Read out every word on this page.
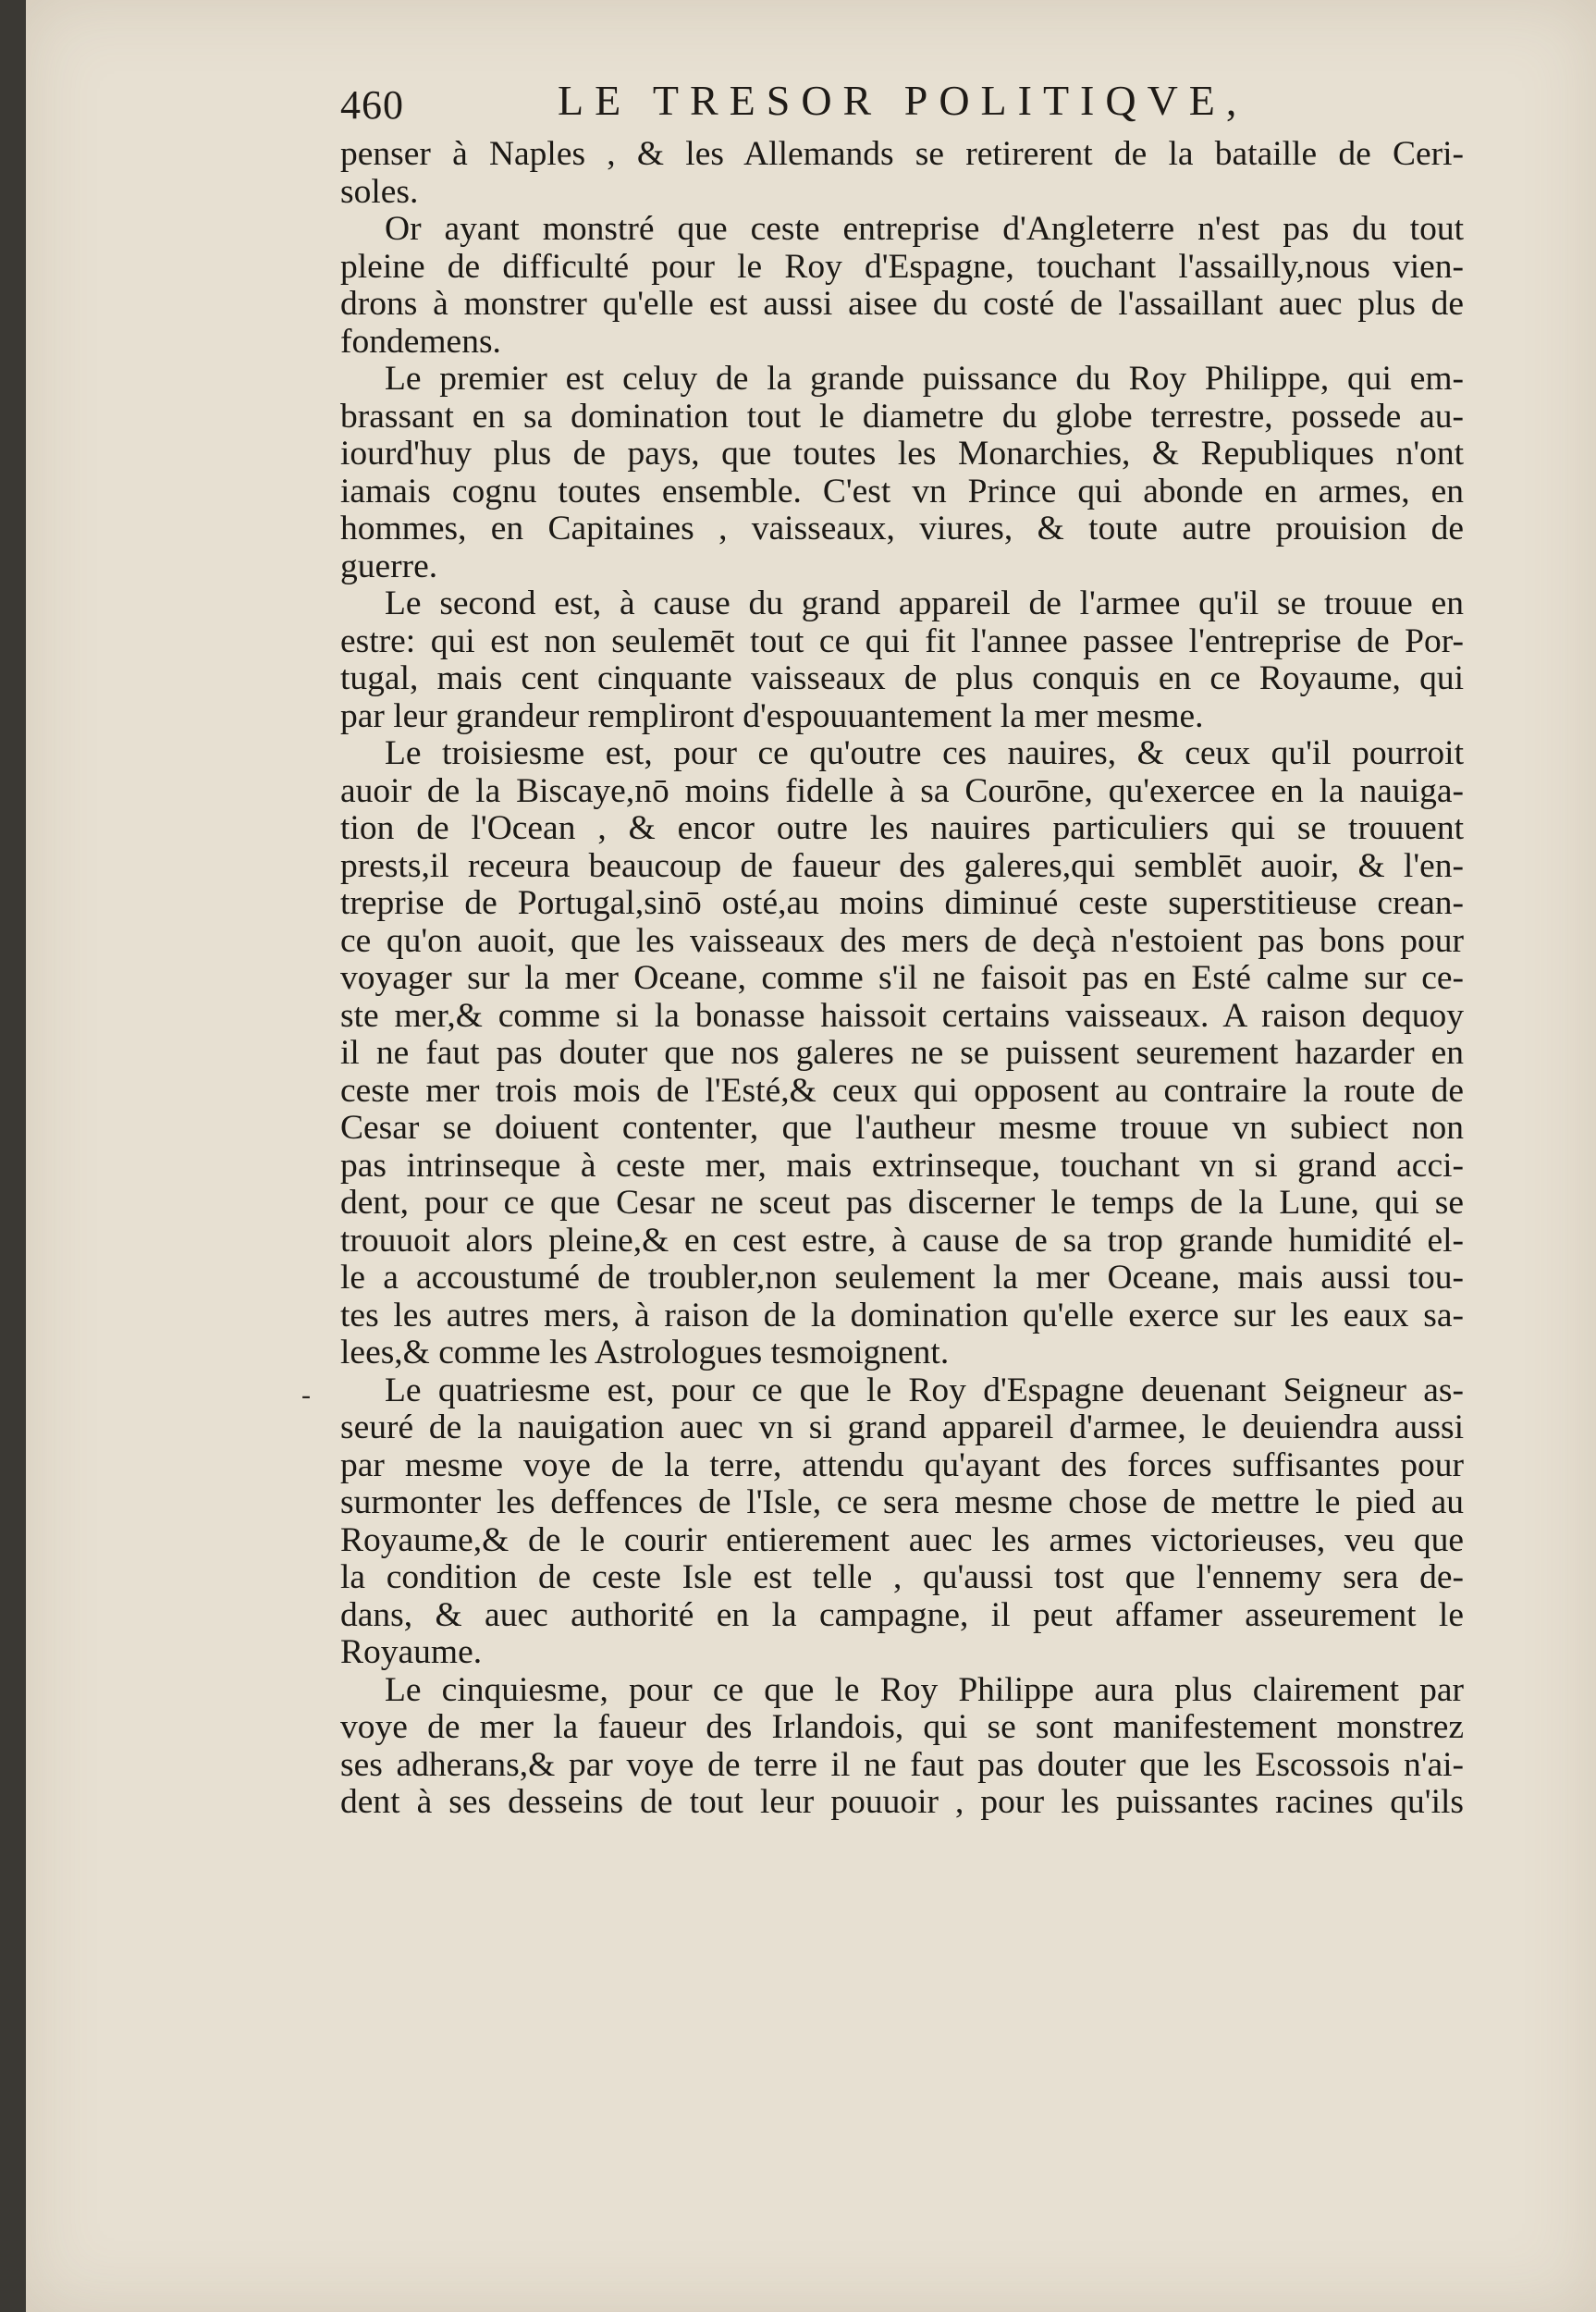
460	LE TRESOR POLITIQVE,
penser à Naples , & les Allemands se retirerent de la bataille de Ceri-
soles.
Or ayant monstré que ceste entreprise d'Angleterre n'est pas du tout
pleine de difficulté pour le Roy d'Espagne, touchant l'assailly,nous vien-
drons à monstrer qu'elle est aussi aisee du costé de l'assaillant auec plus de
fondemens.
Le premier est celuy de la grande puissance du Roy Philippe, qui em-
brassant en sa domination tout le diametre du globe terrestre, possede au-
iourd'huy plus de pays, que toutes les Monarchies, & Republiques n'ont
iamais cognu toutes ensemble. C'est vn Prince qui abonde en armes, en
hommes, en Capitaines , vaisseaux, viures, & toute autre prouision de
guerre.
Le second est, à cause du grand appareil de l'armee qu'il se trouue en
estre: qui est non seulemēt tout ce qui fit l'annee passee l'entreprise de Por-
tugal, mais cent cinquante vaisseaux de plus conquis en ce Royaume, qui
par leur grandeur rempliront d'espouuantement la mer mesme.
Le troisiesme est, pour ce qu'outre ces nauires, & ceux qu'il pourroit
auoir de la Biscaye,nō moins fidelle à sa Courōne, qu'exercee en la nauiga-
tion de l'Ocean , & encor outre les nauires particuliers qui se trouuent
prests,il receura beaucoup de faueur des galeres,qui semblēt auoir, & l'en-
treprise de Portugal,sinō osté,au moins diminué ceste superstitieuse crean-
ce qu'on auoit, que les vaisseaux des mers de deçà n'estoient pas bons pour
voyager sur la mer Oceane, comme s'il ne faisoit pas en Esté calme sur ce-
ste mer,& comme si la bonasse haissoit certains vaisseaux. A raison dequoy
il ne faut pas douter que nos galeres ne se puissent seurement hazarder en
ceste mer trois mois de l'Esté,& ceux qui opposent au contraire la route de
Cesar se doiuent contenter, que l'autheur mesme trouue vn subiect non
pas intrinseque à ceste mer, mais extrinseque, touchant vn si grand acci-
dent, pour ce que Cesar ne sceut pas discerner le temps de la Lune, qui se
trouuoit alors pleine,& en cest estre, à cause de sa trop grande humidité el-
le a accoustumé de troubler,non seulement la mer Oceane, mais aussi tou-
tes les autres mers, à raison de la domination qu'elle exerce sur les eaux sa-
lees,& comme les Astrologues tesmoignent.
Le quatriesme est, pour ce que le Roy d'Espagne deuenant Seigneur as-
seuré de la nauigation auec vn si grand appareil d'armee, le deuiendra aussi
par mesme voye de la terre, attendu qu'ayant des forces suffisantes pour
surmonter les deffences de l'Isle, ce sera mesme chose de mettre le pied au
Royaume,& de le courir entierement auec les armes victorieuses, veu que
la condition de ceste Isle est telle , qu'aussi tost que l'ennemy sera de-
dans, & auec authorité en la campagne, il peut affamer asseurement le
Royaume.
Le cinquiesme, pour ce que le Roy Philippe aura plus clairement par
voye de mer la faueur des Irlandois, qui se sont manifestement monstrez
ses adherans,& par voye de terre il ne faut pas douter que les Escossois n'ai-
dent à ses desseins de tout leur pouuoir , pour les puissantes racines qu'ils
-
